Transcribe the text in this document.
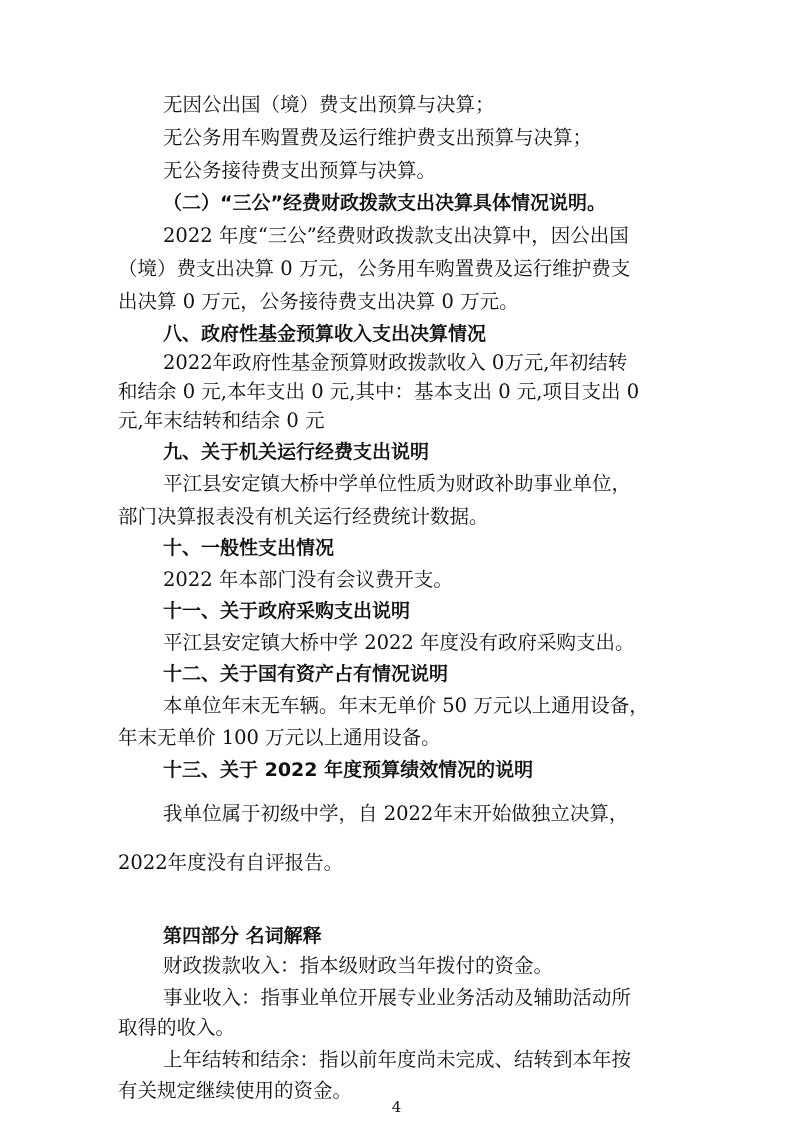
无因公出国（境）费支出预算与决算；
无公务用车购置费及运行维护费支出预算与决算；
无公务接待费支出预算与决算。
（二）“三公”经费财政拨款支出决算具体情况说明。
2022 年度“三公”经费财政拨款支出决算中，因公出国
（境）费支出决算 0 万元，公务用车购置费及运行维护费支
出决算 0 万元，公务接待费支出决算 0 万元。
八、政府性基金预算收入支出决算情况
2022年政府性基金预算财政拨款收入 0万元,年初结转
和结余 0 元,本年支出 0 元,其中：基本支出 0 元,项目支出 0
元,年末结转和结余 0 元
九、关于机关运行经费支出说明
平江县安定镇大桥中学单位性质为财政补助事业单位，
部门决算报表没有机关运行经费统计数据。
十、一般性支出情况
2022 年本部门没有会议费开支。
十一、关于政府采购支出说明
平江县安定镇大桥中学 2022 年度没有政府采购支出。
十二、关于国有资产占有情况说明
本单位年末无车辆。年末无单价 50 万元以上通用设备，
年末无单价 100 万元以上通用设备。
十三、关于 2022 年度预算绩效情况的说明
我单位属于初级中学，自 2022年末开始做独立决算，
2022年度没有自评报告。
第四部分 名词解释
财政拨款收入：指本级财政当年拨付的资金。
事业收入：指事业单位开展专业业务活动及辅助活动所
取得的收入。
上年结转和结余：指以前年度尚未完成、结转到本年按
有关规定继续使用的资金。
4
